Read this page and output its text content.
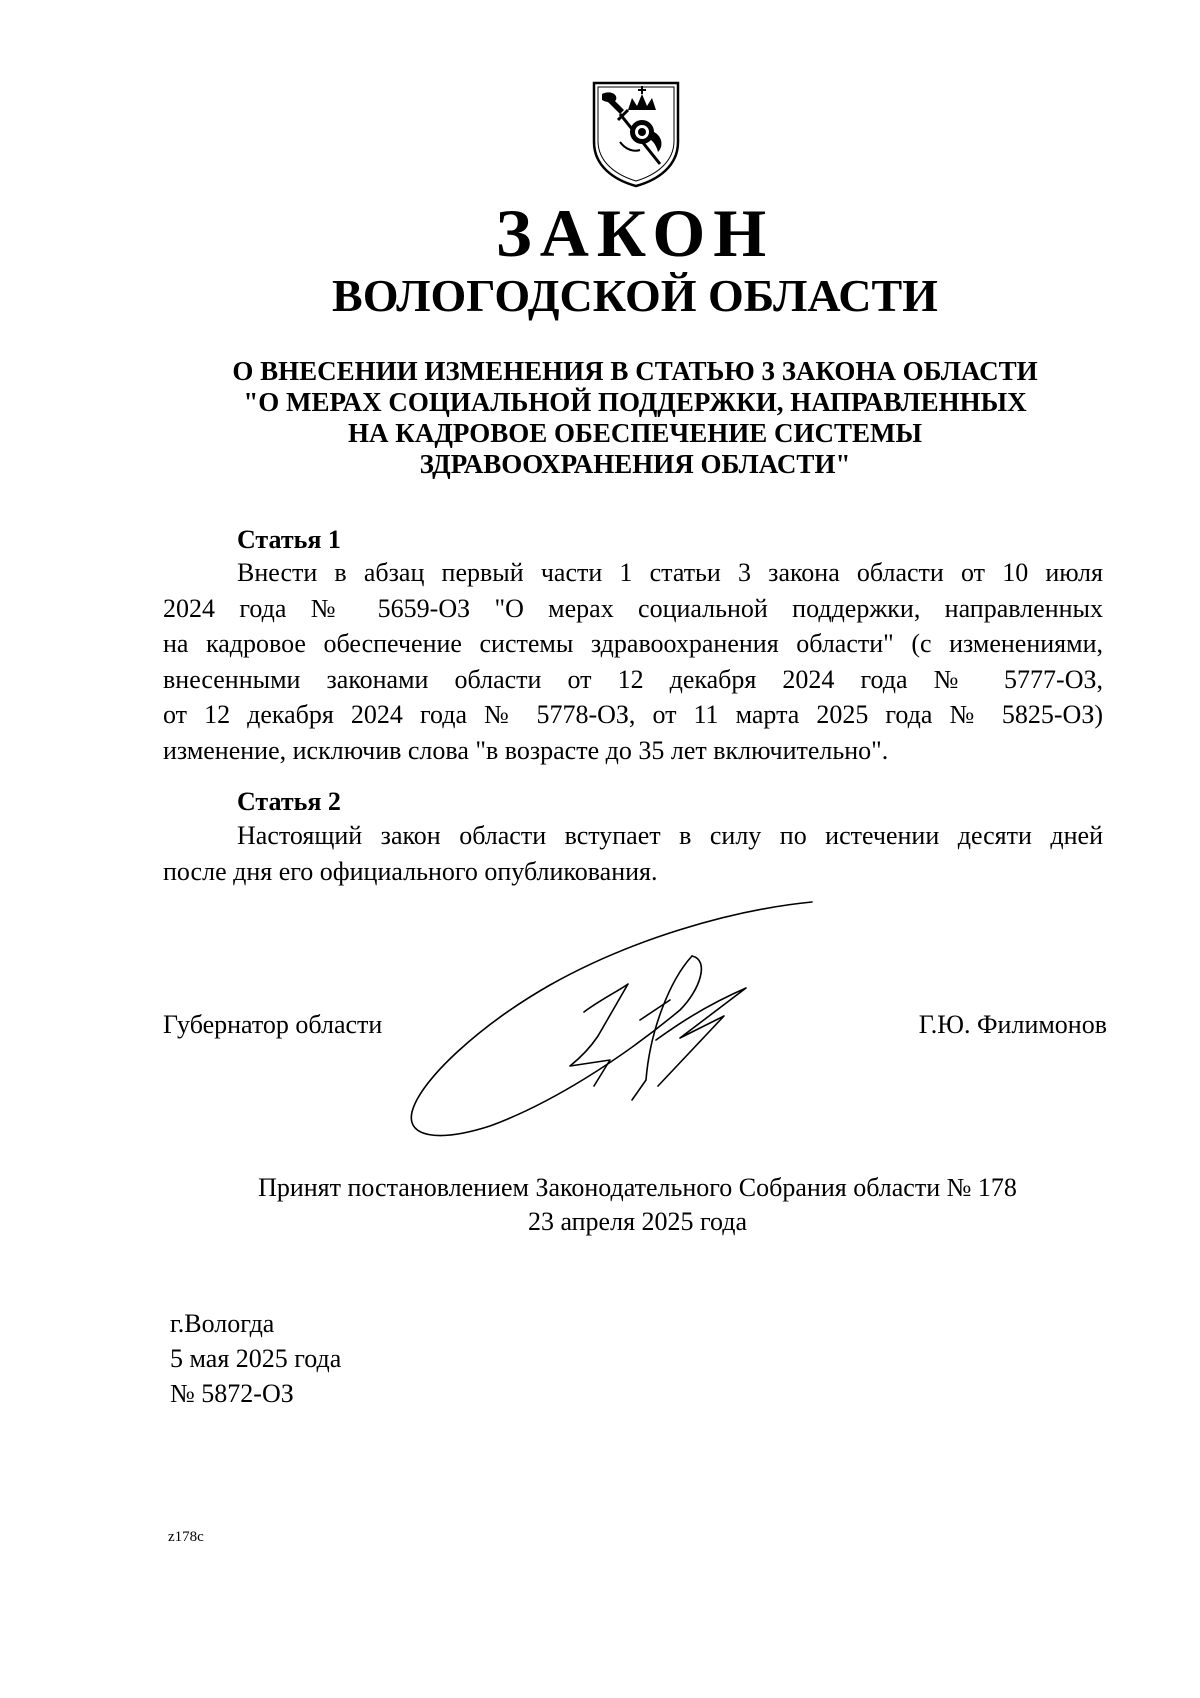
ЗАКОН
ВОЛОГОДСКОЙ ОБЛАСТИ
О ВНЕСЕНИИ ИЗМЕНЕНИЯ В СТАТЬЮ 3 ЗАКОНА ОБЛАСТИ
"О МЕРАХ СОЦИАЛЬНОЙ ПОДДЕРЖКИ, НАПРАВЛЕННЫХ
НА КАДРОВОЕ ОБЕСПЕЧЕНИЕ СИСТЕМЫ
ЗДРАВООХРАНЕНИЯ ОБЛАСТИ"
Статья 1
Внести в абзац первый части 1 статьи 3 закона области от 10 июля
2024 года № 5659-ОЗ "О мерах социальной поддержки, направленных
на кадровое обеспечение системы здравоохранения области" (с изменениями,
внесенными законами области от 12 декабря 2024 года № 5777-ОЗ,
от 12 декабря 2024 года № 5778-ОЗ, от 11 марта 2025 года № 5825-ОЗ)
изменение, исключив слова "в возрасте до 35 лет включительно".
Статья 2
Настоящий закон области вступает в силу по истечении десяти дней
после дня его официального опубликования.
Губернатор области	Г.Ю. Филимонов
Принят постановлением Законодательного Собрания области № 178
23 апреля 2025 года
г.Вологда
5 мая 2025 года
№ 5872-ОЗ
z178c
